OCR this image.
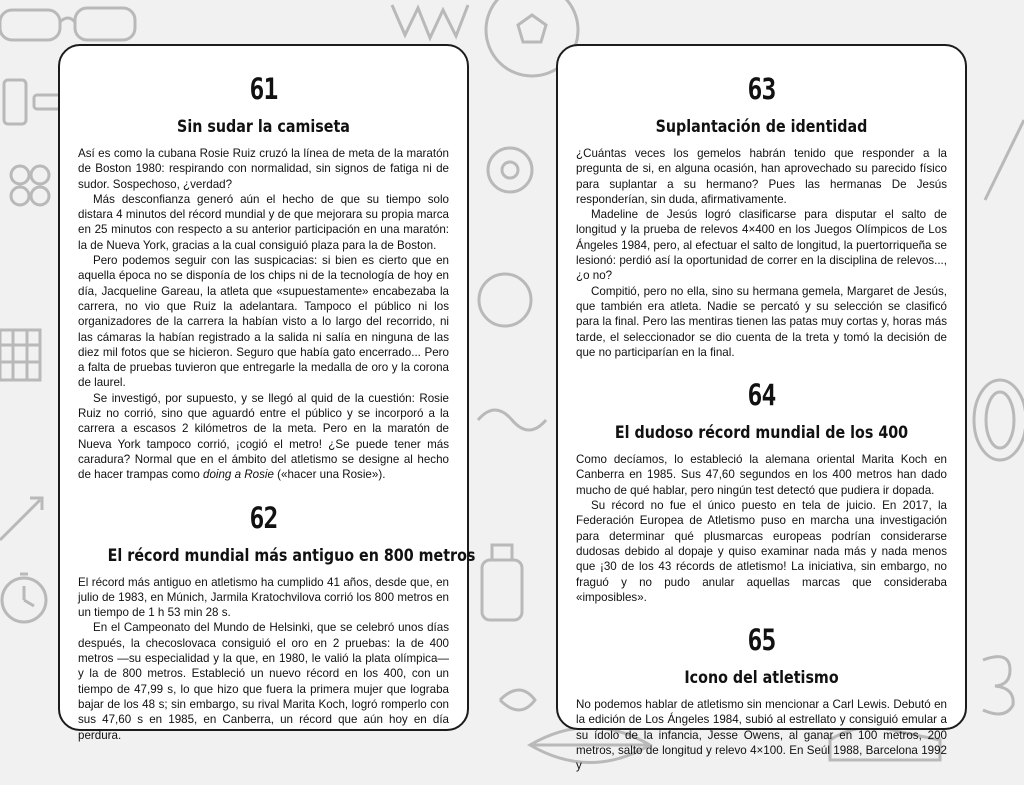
61
Sin sudar la camiseta

Así es como la cubana Rosie Ruiz cruzó la línea de meta de la maratón de Boston 1980: respirando con normalidad, sin signos de fatiga ni de sudor. Sospechoso, ¿verdad?

Más desconfianza generó aún el hecho de que su tiempo solo distara 4 minutos del récord mundial y de que mejorara su propia marca en 25 minutos con respecto a su anterior participación en una maratón: la de Nueva York, gracias a la cual consiguió plaza para la de Boston.

Pero podemos seguir con las suspicacias: si bien es cierto que en aquella época no se disponía de los chips ni de la tecnología de hoy en día, Jacqueline Gareau, la atleta que «supuestamente» encabezaba la carrera, no vio que Ruiz la adelantara. Tampoco el público ni los organizadores de la carrera la habían visto a lo largo del recorrido, ni las cámaras la habían registrado a la salida ni salía en ninguna de las diez mil fotos que se hicieron. Seguro que había gato encerrado... Pero a falta de pruebas tuvieron que entregarle la medalla de oro y la corona de laurel.

Se investigó, por supuesto, y se llegó al quid de la cuestión: Rosie Ruiz no corrió, sino que aguardó entre el público y se incorporó a la carrera a escasos 2 kilómetros de la meta. Pero en la maratón de Nueva York tampoco corrió, ¡cogió el metro! ¿Se puede tener más caradura? Normal que en el ámbito del atletismo se designe al hecho de hacer trampas como doing a Rosie («hacer una Rosie»).

62
El récord mundial más antiguo en 800 metros

El récord más antiguo en atletismo ha cumplido 41 años, desde que, en julio de 1983, en Múnich, Jarmila Kratochvilova corrió los 800 metros en un tiempo de 1 h 53 min 28 s.

En el Campeonato del Mundo de Helsinki, que se celebró unos días después, la checoslovaca consiguió el oro en 2 pruebas: la de 400 metros —su especialidad y la que, en 1980, le valió la plata olímpica— y la de 800 metros. Estableció un nuevo récord en los 400, con un tiempo de 47,99 s, lo que hizo que fuera la primera mujer que lograba bajar de los 48 s; sin embargo, su rival Marita Koch, logró romperlo con sus 47,60 s en 1985, en Canberra, un récord que aún hoy en día perdura.

63
Suplantación de identidad

¿Cuántas veces los gemelos habrán tenido que responder a la pregunta de si, en alguna ocasión, han aprovechado su parecido físico para suplantar a su hermano? Pues las hermanas De Jesús responderían, sin duda, afirmativamente.

Madeline de Jesús logró clasificarse para disputar el salto de longitud y la prueba de relevos 4×400 en los Juegos Olímpicos de Los Ángeles 1984, pero, al efectuar el salto de longitud, la puertorriqueña se lesionó: perdió así la oportunidad de correr en la disciplina de relevos..., ¿o no?

Compitió, pero no ella, sino su hermana gemela, Margaret de Jesús, que también era atleta. Nadie se percató y su selección se clasificó para la final. Pero las mentiras tienen las patas muy cortas y, horas más tarde, el seleccionador se dio cuenta de la treta y tomó la decisión de que no participarían en la final.

64
El dudoso récord mundial de los 400

Como decíamos, lo estableció la alemana oriental Marita Koch en Canberra en 1985. Sus 47,60 segundos en los 400 metros han dado mucho de qué hablar, pero ningún test detectó que pudiera ir dopada.

Su récord no fue el único puesto en tela de juicio. En 2017, la Federación Europea de Atletismo puso en marcha una investigación para determinar qué plusmarcas europeas podrían considerarse dudosas debido al dopaje y quiso examinar nada más y nada menos que ¡30 de los 43 récords de atletismo! La iniciativa, sin embargo, no fraguó y no pudo anular aquellas marcas que consideraba «imposibles».

65
Icono del atletismo

No podemos hablar de atletismo sin mencionar a Carl Lewis. Debutó en la edición de Los Ángeles 1984, subió al estrellato y consiguió emular a su ídolo de la infancia, Jesse Owens, al ganar en 100 metros, 200 metros, salto de longitud y relevo 4×100. En Seúl 1988, Barcelona 1992 y
